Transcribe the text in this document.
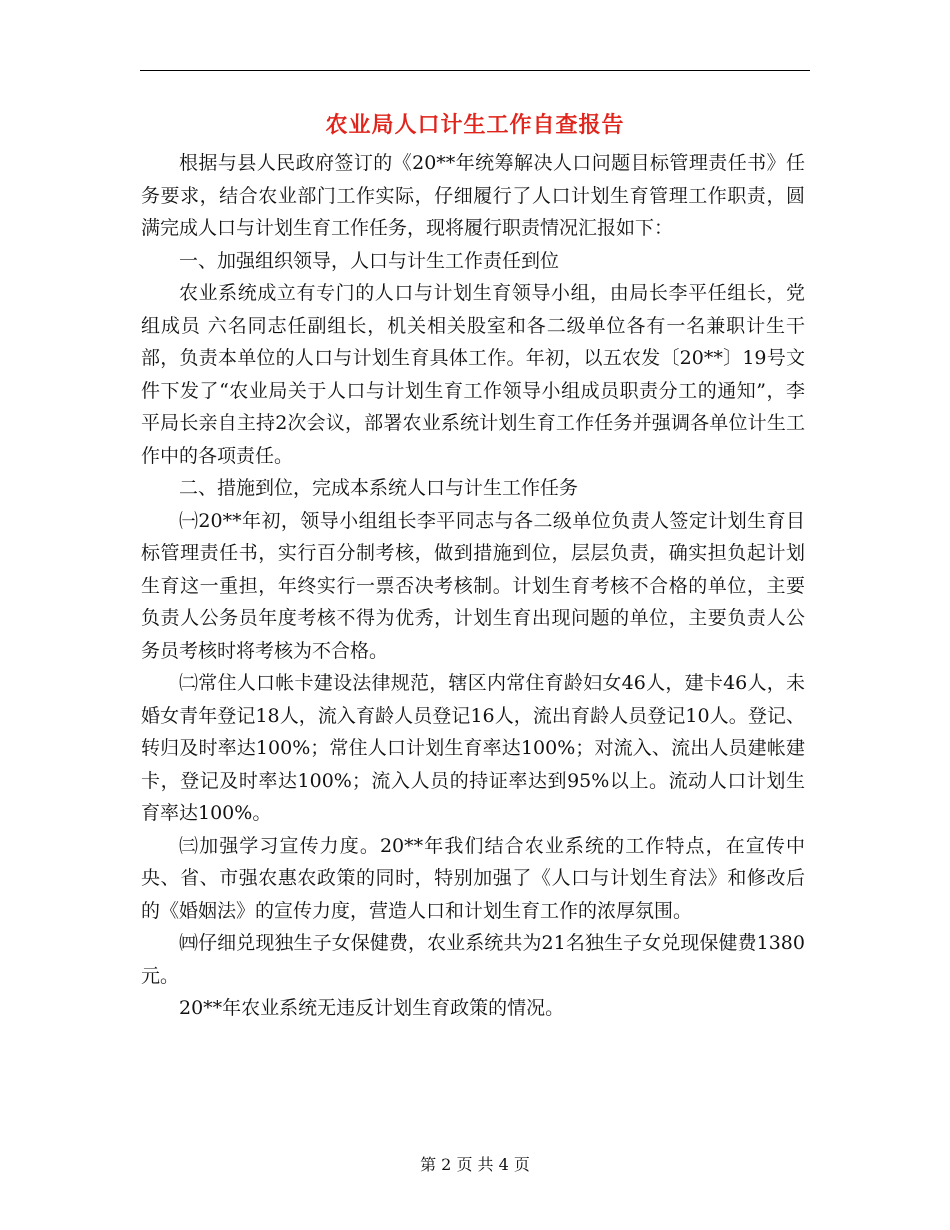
农业局人口计生工作自查报告

根据与县人民政府签订的《20**年统筹解决人口问题目标管理责任书》任务要求，结合农业部门工作实际，仔细履行了人口计划生育管理工作职责，圆满完成人口与计划生育工作任务，现将履行职责情况汇报如下：

一、加强组织领导，人口与计生工作责任到位

农业系统成立有专门的人口与计划生育领导小组，由局长李平任组长，党组成员 六名同志任副组长，机关相关股室和各二级单位各有一名兼职计生干部，负责本单位的人口与计划生育具体工作。年初，以五农发〔20**〕19号文件下发了“农业局关于人口与计划生育工作领导小组成员职责分工的通知”，李平局长亲自主持2次会议，部署农业系统计划生育工作任务并强调各单位计生工作中的各项责任。

二、措施到位，完成本系统人口与计生工作任务

㈠20**年初，领导小组组长李平同志与各二级单位负责人签定计划生育目标管理责任书，实行百分制考核，做到措施到位，层层负责，确实担负起计划生育这一重担，年终实行一票否决考核制。计划生育考核不合格的单位，主要负责人公务员年度考核不得为优秀，计划生育出现问题的单位，主要负责人公务员考核时将考核为不合格。

㈡常住人口帐卡建设法律规范，辖区内常住育龄妇女46人，建卡46人，未婚女青年登记18人，流入育龄人员登记16人，流出育龄人员登记10人。登记、转归及时率达100%；常住人口计划生育率达100%；对流入、流出人员建帐建卡，登记及时率达100%；流入人员的持证率达到95%以上。流动人口计划生育率达100%。

㈢加强学习宣传力度。20**年我们结合农业系统的工作特点，在宣传中央、省、市强农惠农政策的同时，特别加强了《人口与计划生育法》和修改后的《婚姻法》的宣传力度，营造人口和计划生育工作的浓厚氛围。

㈣仔细兑现独生子女保健费，农业系统共为21名独生子女兑现保健费1380元。

20**年农业系统无违反计划生育政策的情况。

第 2 页 共 4 页
